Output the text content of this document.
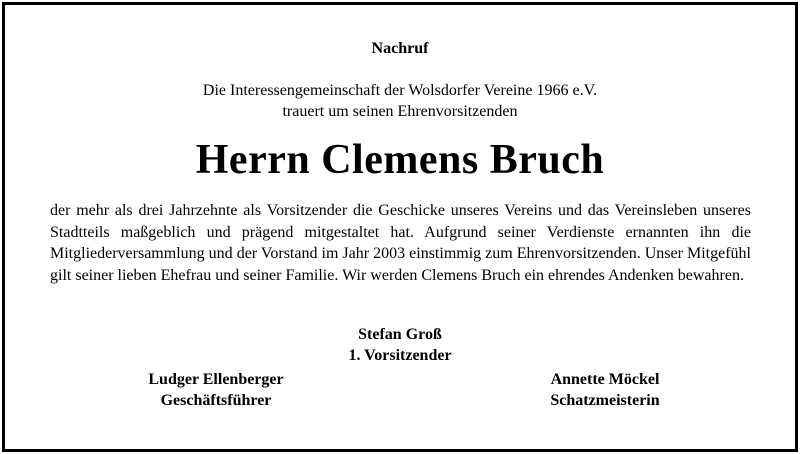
Nachruf
Die Interessengemeinschaft der Wolsdorfer Vereine 1966 e.V.
trauert um seinen Ehrenvorsitzenden
Herrn Clemens Bruch
der mehr als drei Jahrzehnte als Vorsitzender die Geschicke unseres Vereins und das Vereinsleben unseres Stadtteils maßgeblich und prägend mitgestaltet hat. Aufgrund seiner Verdienste ernannten ihn die Mitgliederversammlung und der Vorstand im Jahr 2003 einstimmig zum Ehrenvorsitzenden. Unser Mitgefühl gilt seiner lieben Ehefrau und seiner Familie. Wir werden Clemens Bruch ein ehrendes Andenken bewahren.
Stefan Groß
1. Vorsitzender
Ludger Ellenberger
Geschäftsführer
Annette Möckel
Schatzmeisterin
